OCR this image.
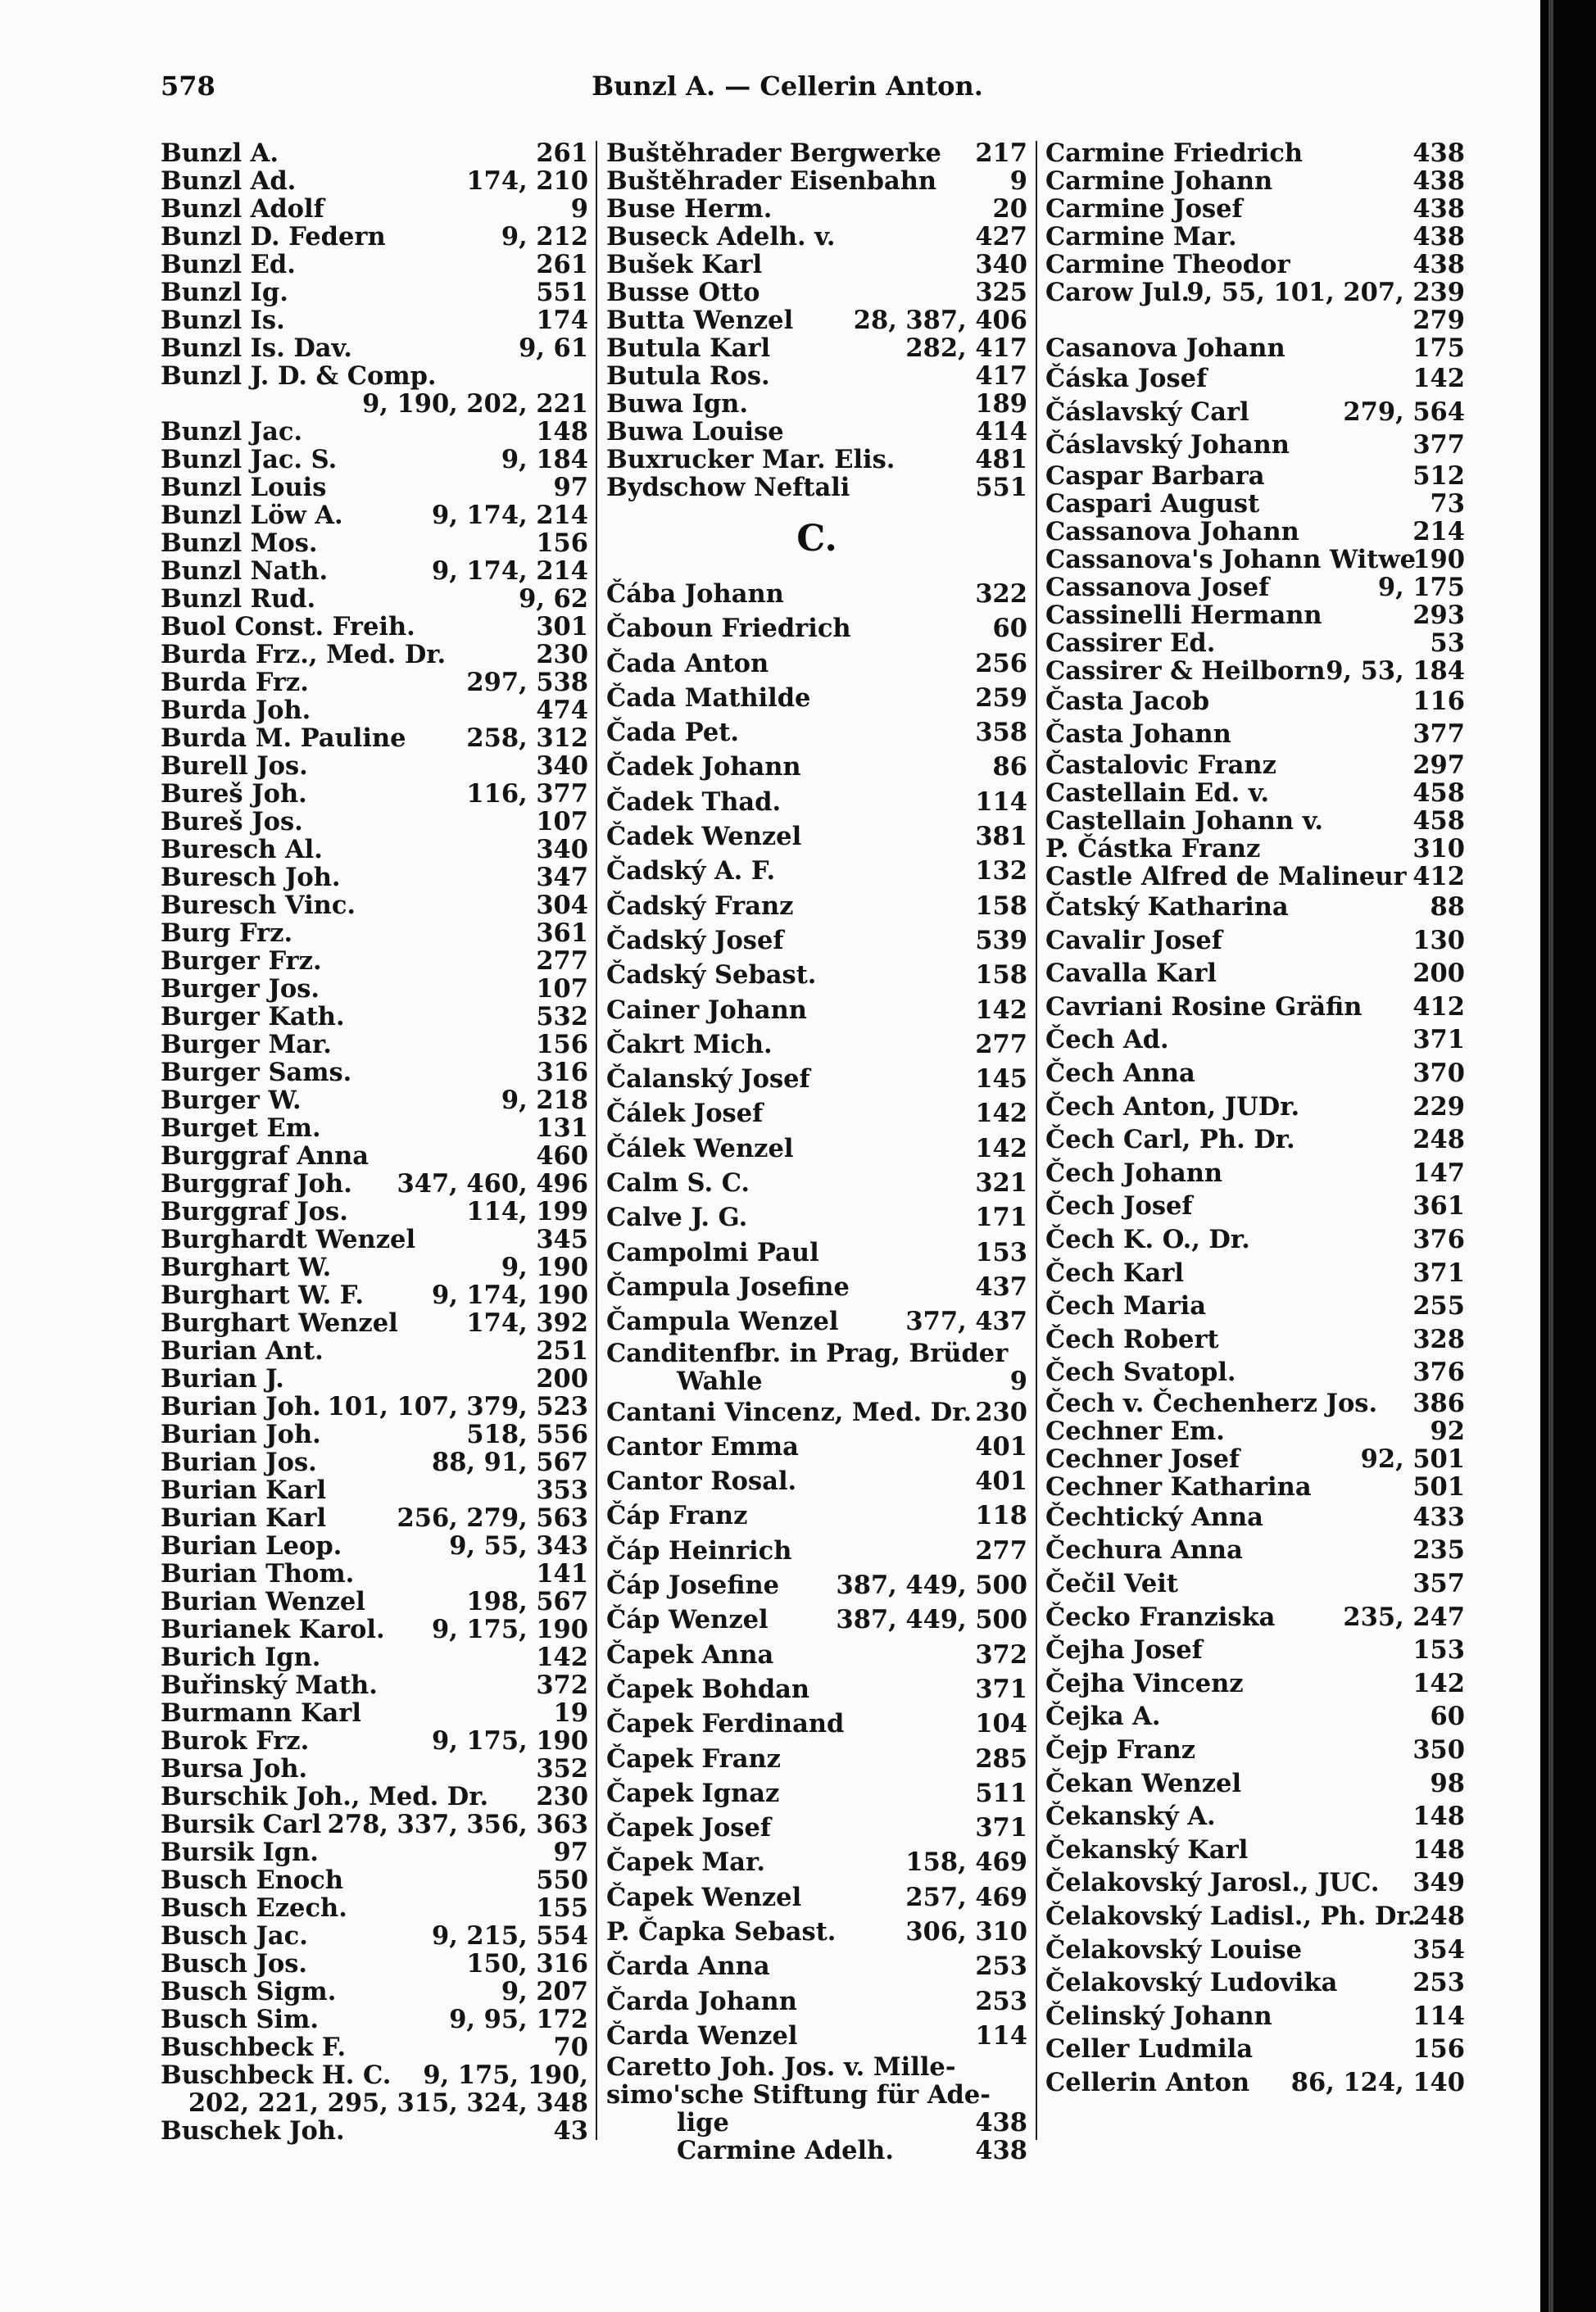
578	Bunzl A. — Cellerin Anton.
Bunzl A.	261
Bunzl Ad.	174, 210
Bunzl Adolf	9
Bunzl D. Federn	9, 212
Bunzl Ed.	261
Bunzl Ig.	551
Bunzl Is.	174
Bunzl Is. Dav.	9, 61
Bunzl J. D. & Comp.
9, 190, 202, 221
Bunzl Jac.	148
Bunzl Jac. S.	9, 184
Bunzl Louis	97
Bunzl Löw A.	9, 174, 214
Bunzl Mos.	156
Bunzl Nath.	9, 174, 214
Bunzl Rud.	9, 62
Buol Const. Freih.	301
Burda Frz., Med. Dr.	230
Burda Frz.	297, 538
Burda Joh.	474
Burda M. Pauline 258, 312
Burell Jos.	340
Bureš Joh.	116, 377
Bureš Jos.	107
Buresch Al.	340
Buresch Joh.	347
Buresch Vinc.	304
Burg Frz.	361
Burger Frz.	277
Burger Jos.	107
Burger Kath.	532
Burger Mar.	156
Burger Sams.	316
Burger W.	9, 218
Burget Em.	131
Burggraf Anna	460
Burggraf Joh. 347, 460, 496
Burggraf Jos.	114, 199
Burghardt Wenzel	345
Burghart W.	9, 190
Burghart W. F.	9, 174, 190
Burghart Wenzel	174, 392
Burian Ant.	251
Burian J.	200
Burian Joh. 101, 107, 379, 523
Burian Joh.	518, 556
Burian Jos.	88, 91, 567
Burian Karl	353
Burian Karl	256, 279, 563
Burian Leop.	9, 55, 343
Burian Thom.	141
Burian Wenzel	198, 567
Burianek Karol. 9, 175, 190
Burich Ign.	142
Buřinský Math.	372
Burmann Karl	19
Burok Frz.	9, 175, 190
Bursa Joh.	352
Burschik Joh., Med. Dr. 230
Bursik Carl 278, 337, 356, 363
Bursik Ign.	97
Busch Enoch	550
Busch Ezech.	155
Busch Jac.	9, 215, 554
Busch Jos.	150, 316
Busch Sigm.	9, 207
Busch Sim.	9, 95, 172
Buschbeck F.	70
Buschbeck H. C. 9, 175, 190,
202, 221, 295, 315, 324, 348
Buschek Joh.	43
Buštěhrader Bergwerke 217
Buštěhrader Eisenbahn	9
Buse Herm.	20
Buseck Adelh. v.	427
Bušek Karl	340
Busse Otto	325
Butta Wenzel 28, 387, 406
Butula Karl	282, 417
Butula Ros.	417
Buwa Ign.	189
Buwa Louise	414
Buxrucker Mar. Elis.	481
Bydschow Neftali	551
C.
Čába Johann	322
Čaboun Friedrich	60
Čada Anton	256
Čada Mathilde	259
Čada Pet.	358
Čadek Johann	86
Čadek Thad.	114
Čadek Wenzel	381
Čadský A. F.	132
Čadský Franz	158
Čadský Josef	539
Čadský Sebast.	158
Cainer Johann	142
Čakrt Mich.	277
Čalanský Josef	145
Čálek Josef	142
Čálek Wenzel	142
Calm S. C.	321
Calve J. G.	171
Campolmi Paul	153
Čampula Josefine	437
Čampula Wenzel	377, 437
Canditenfbr. in Prag, Brüder
Wahle	9
Cantani Vincenz, Med. Dr. 230
Cantor Emma	401
Cantor Rosal.	401
Čáp Franz	118
Čáp Heinrich	277
Čáp Josefine 387, 449, 500
Čáp Wenzel	387, 449, 500
Čapek Anna	372
Čapek Bohdan	371
Čapek Ferdinand	104
Čapek Franz	285
Čapek Ignaz	511
Čapek Josef	371
Čapek Mar.	158, 469
Čapek Wenzel	257, 469
P. Čapka Sebast.	306, 310
Čarda Anna	253
Čarda Johann	253
Čarda Wenzel	114
Caretto Joh. Jos. v. Mille-
simo'sche Stiftung für Ade-
lige	438
Carmine Adelh.	438
Carmine Friedrich	438
Carmine Johann	438
Carmine Josef	438
Carmine Mar.	438
Carmine Theodor	438
Carow Jul.
9, 55, 101, 207, 239
279
Casanova Johann	175
Čáska Josef	142
Čáslavský Carl	279, 564
Čáslavský Johann	377
Caspar Barbara	512
Caspari August	73
Cassanova Johann	214
Cassanova's Johann Witwe
190
Cassanova Josef	9, 175
Cassinelli Hermann	293
Cassirer Ed.	53
Cassirer & Heilborn 9, 53, 184
Časta Jacob	116
Časta Johann	377
Častalovic Franz	297
Castellain Ed. v.	458
Castellain Johann v.	458
P. Částka Franz	310
Castle Alfred de Malineur 412
Čatský Katharina	88
Cavalir Josef	130
Cavalla Karl	200
Cavriani Rosine Gräfin 412
Čech Ad.	371
Čech Anna	370
Čech Anton, JUDr.	229
Čech Carl, Ph. Dr.	248
Čech Johann	147
Čech Josef	361
Čech K. O., Dr.	376
Čech Karl	371
Čech Maria	255
Čech Robert	328
Čech Svatopl.	376
Čech v. Čechenherz Jos. 386
Cechner Em.	92
Cechner Josef	92, 501
Cechner Katharina	501
Čechtický Anna	433
Čechura Anna	235
Čečil Veit	357
Čecko Franziska	235, 247
Čejha Josef	153
Čejha Vincenz	142
Čejka A.	60
Čejp Franz	350
Čekan Wenzel	98
Čekanský A.	148
Čekanský Karl	148
Čelakovský Jarosl., JUC. 349
Čelakovský Ladisl., Ph. Dr.
248
Čelakovský Louise	354
Čelakovský Ludovika	253
Čelinský Johann	114
Celler Ludmila	156
Cellerin Anton 86, 124, 140
